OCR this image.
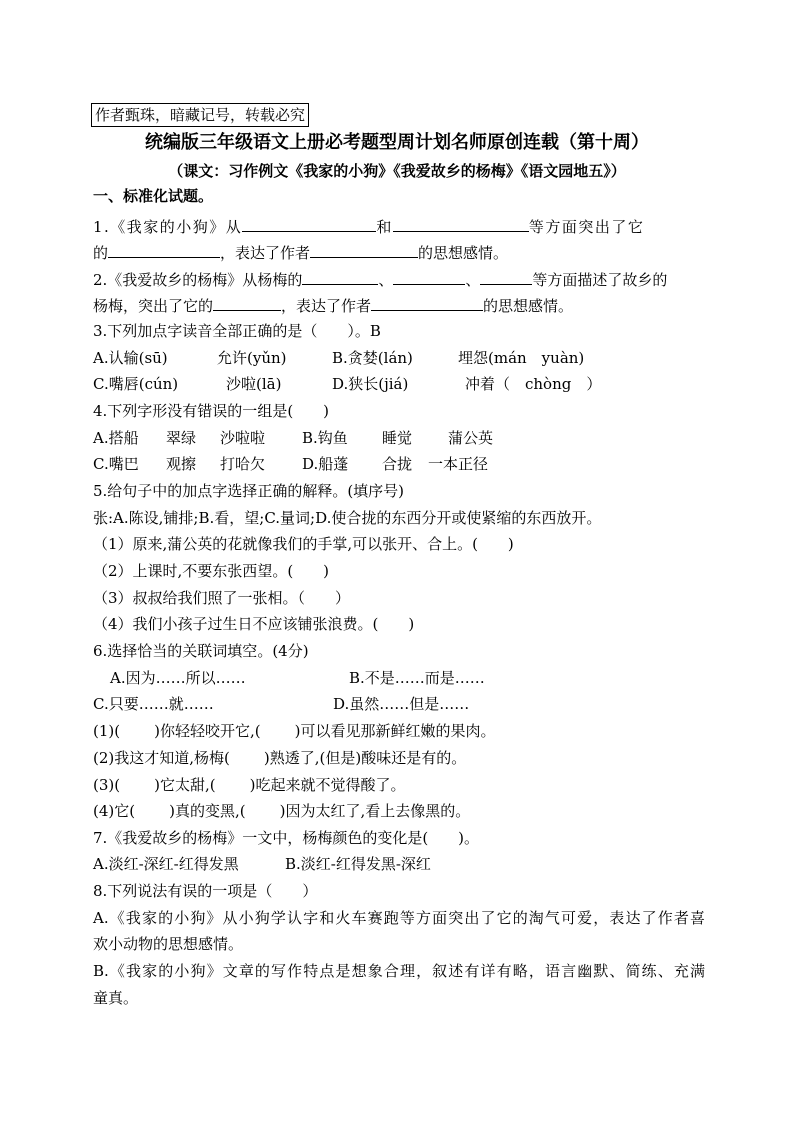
作者甄珠，暗藏记号，转载必究
统编版三年级语文上册必考题型周计划名师原创连载（第十周）
（课文：习作例文《我家的小狗》《我爱故乡的杨梅》《语文园地五》）
一、标准化试题。
1.《我家的小狗》从	和	等方面突出了它
的	，表达了作者	的思想感情。
2.《我爱故乡的杨梅》从杨梅的	、	、	等方面描述了故乡的
杨梅，突出了它的	，表达了作者	的思想感情。
3.下列加点字读音全部正确的是（　　）。B
A.认输(sū)	允许(yǔn)	B.贪婪(lán)	埋怨(mán　yuàn)
C.嘴唇(cún)	沙啦(lā)	D.狭长(jiá)	冲着（　chòng　）
4.下列字形没有错误的一组是(　　)
A.搭船 翠绿 沙啦啦 B.钩鱼 睡觉 蒲公英
C.嘴巴 观擦 打哈欠 D.船蓬 合拢 一本正径
5.给句子中的加点字选择正确的解释。(填序号)
张:A.陈设,铺排;B.看，望;C.量词;D.使合拢的东西分开或使紧缩的东西放开。
（1）原来,蒲公英的花就像我们的手掌,可以张开、合上。(　　)
（2）上课时,不要东张西望。(　　)
（3）叔叔给我们照了一张相。（　　）
（4）我们小孩子过生日不应该铺张浪费。(　　)
6.选择恰当的关联词填空。(4分)
A.因为……所以……	B.不是……而是……
C.只要……就……	D.虽然……但是……
(1)( )你轻轻咬开它,( )可以看见那新鲜红嫩的果肉。
(2)我这才知道,杨梅( )熟透了,(但是)酸味还是有的。
(3)( )它太甜,( )吃起来就不觉得酸了。
(4)它( )真的变黑,( )因为太红了,看上去像黑的。
7.《我爱故乡的杨梅》一文中，杨梅颜色的变化是(　　)。
A.淡红-深红-红得发黑	B.淡红-红得发黑-深红
8.下列说法有误的一项是（　　）
A.《我家的小狗》从小狗学认字和火车赛跑等方面突出了它的淘气可爱，表达了作者喜
欢小动物的思想感情。
B.《我家的小狗》文章的写作特点是想象合理，叙述有详有略，语言幽默、简练、充满
童真。
